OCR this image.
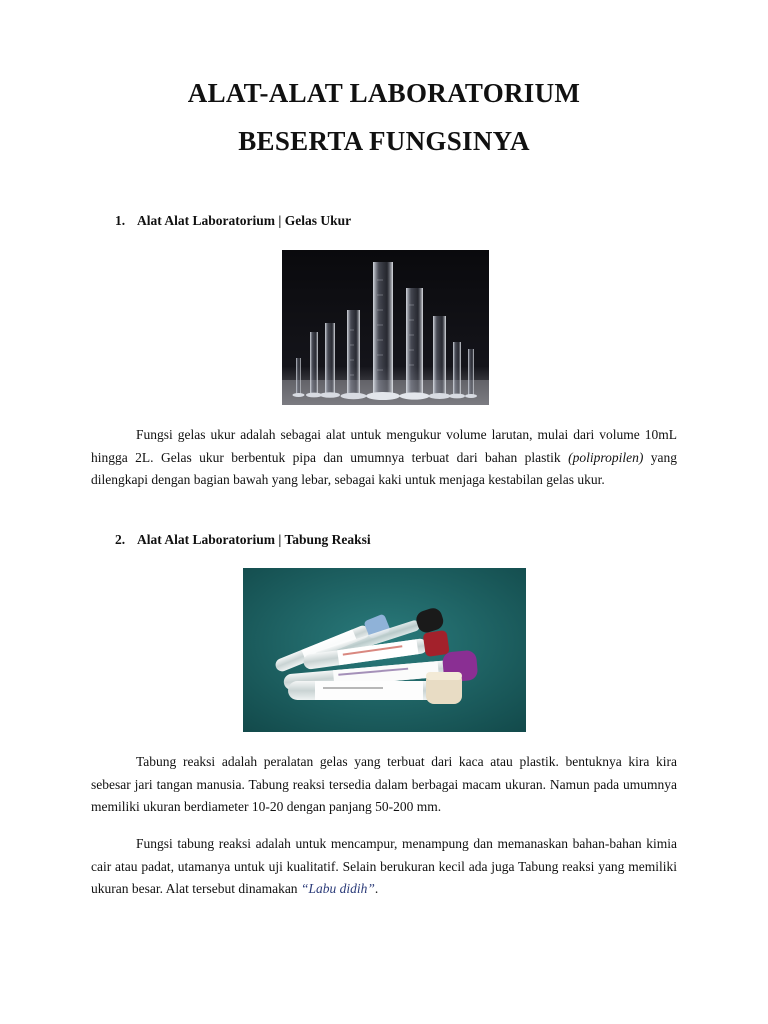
ALAT-ALAT LABORATORIUM
BESERTA FUNGSINYA

1. Alat Alat Laboratorium | Gelas Ukur

Fungsi gelas ukur adalah sebagai alat untuk mengukur volume larutan, mulai dari volume 10mL hingga 2L. Gelas ukur berbentuk pipa dan umumnya terbuat dari bahan plastik (polipropilen) yang dilengkapi dengan bagian bawah yang lebar, sebagai kaki untuk menjaga kestabilan gelas ukur.

2. Alat Alat Laboratorium | Tabung Reaksi

Tabung reaksi adalah peralatan gelas yang terbuat dari kaca atau plastik. bentuknya kira kira sebesar jari tangan manusia. Tabung reaksi tersedia dalam berbagai macam ukuran. Namun pada umumnya memiliki ukuran berdiameter 10-20 dengan panjang 50-200 mm.

Fungsi tabung reaksi adalah untuk mencampur, menampung dan memanaskan bahan-bahan kimia cair atau padat, utamanya untuk uji kualitatif. Selain berukuran kecil ada juga Tabung reaksi yang memiliki ukuran besar. Alat tersebut dinamakan “Labu didih”.
